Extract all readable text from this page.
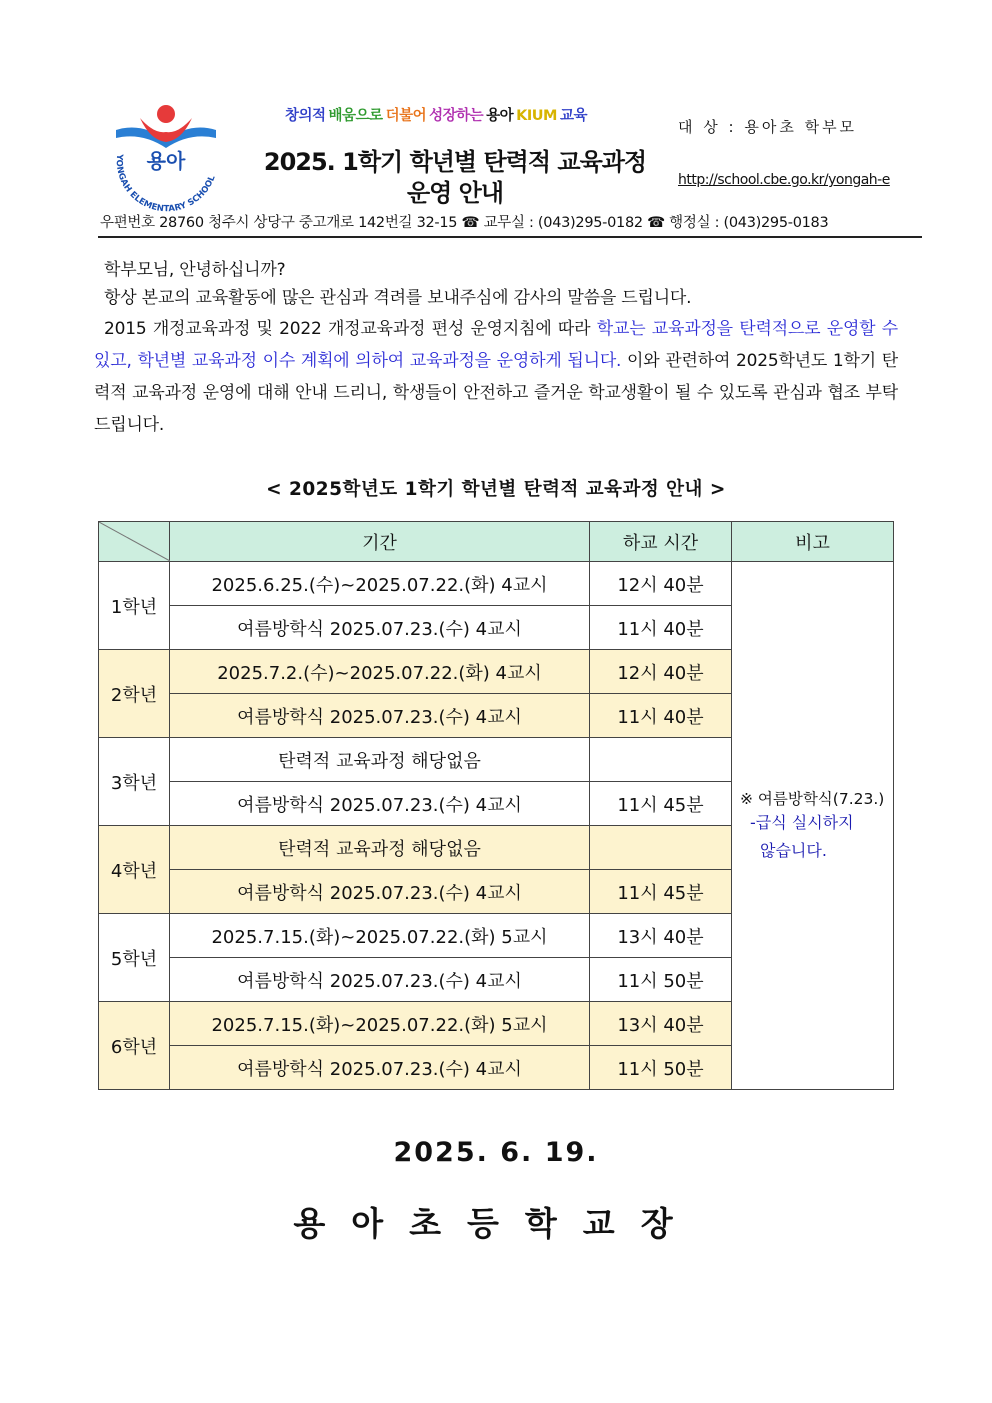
용아
YONGAH ELEMENTARY SCHOOL
창의적 배움으로 더불어 성장하는 용아 KIUM 교육
2025. 1학기 학년별 탄력적 교육과정
운영 안내
대 상 : 용아초 학부모
http://school.cbe.go.kr/yongah-e
우편번호 28760 청주시 상당구 중고개로 142번길 32-15 ☎ 교무실 : (043)295-0182 ☎ 행정실 : (043)295-0183
학부모님, 안녕하십니까?
항상 본교의 교육활동에 많은 관심과 격려를 보내주심에 감사의 말씀을 드립니다.
2015 개정교육과정 및 2022 개정교육과정 편성 운영지침에 따라 학교는 교육과정을 탄력적으로 운영할 수 있고, 학년별 교육과정 이수 계획에 의하여 교육과정을 운영하게 됩니다. 이와 관련하여 2025학년도 1학기 탄력적 교육과정 운영에 대해 안내 드리니, 학생들이 안전하고 즐거운 학교생활이 될 수 있도록 관심과 협조 부탁드립니다.
< 2025학년도 1학기 학년별 탄력적 교육과정 안내 >
	기간	하교 시간	비고
1학년	2025.6.25.(수)~2025.07.22.(화) 4교시	12시 40분	※ 여름방학식(7.23.)
-급식 실시하지
않습니다.

	여름방학식 2025.07.23.(수) 4교시	11시 40분	
2학년	2025.7.2.(수)~2025.07.22.(화) 4교시	12시 40분	
	여름방학식 2025.07.23.(수) 4교시	11시 40분	
3학년	탄력적 교육과정 해당없음		
	여름방학식 2025.07.23.(수) 4교시	11시 45분	
4학년	탄력적 교육과정 해당없음		
	여름방학식 2025.07.23.(수) 4교시	11시 45분	
5학년	2025.7.15.(화)~2025.07.22.(화) 5교시	13시 40분	
	여름방학식 2025.07.23.(수) 4교시	11시 50분	
6학년	2025.7.15.(화)~2025.07.22.(화) 5교시	13시 40분	
	여름방학식 2025.07.23.(수) 4교시	11시 50분	
2025. 6. 19.
용아초등학교장
